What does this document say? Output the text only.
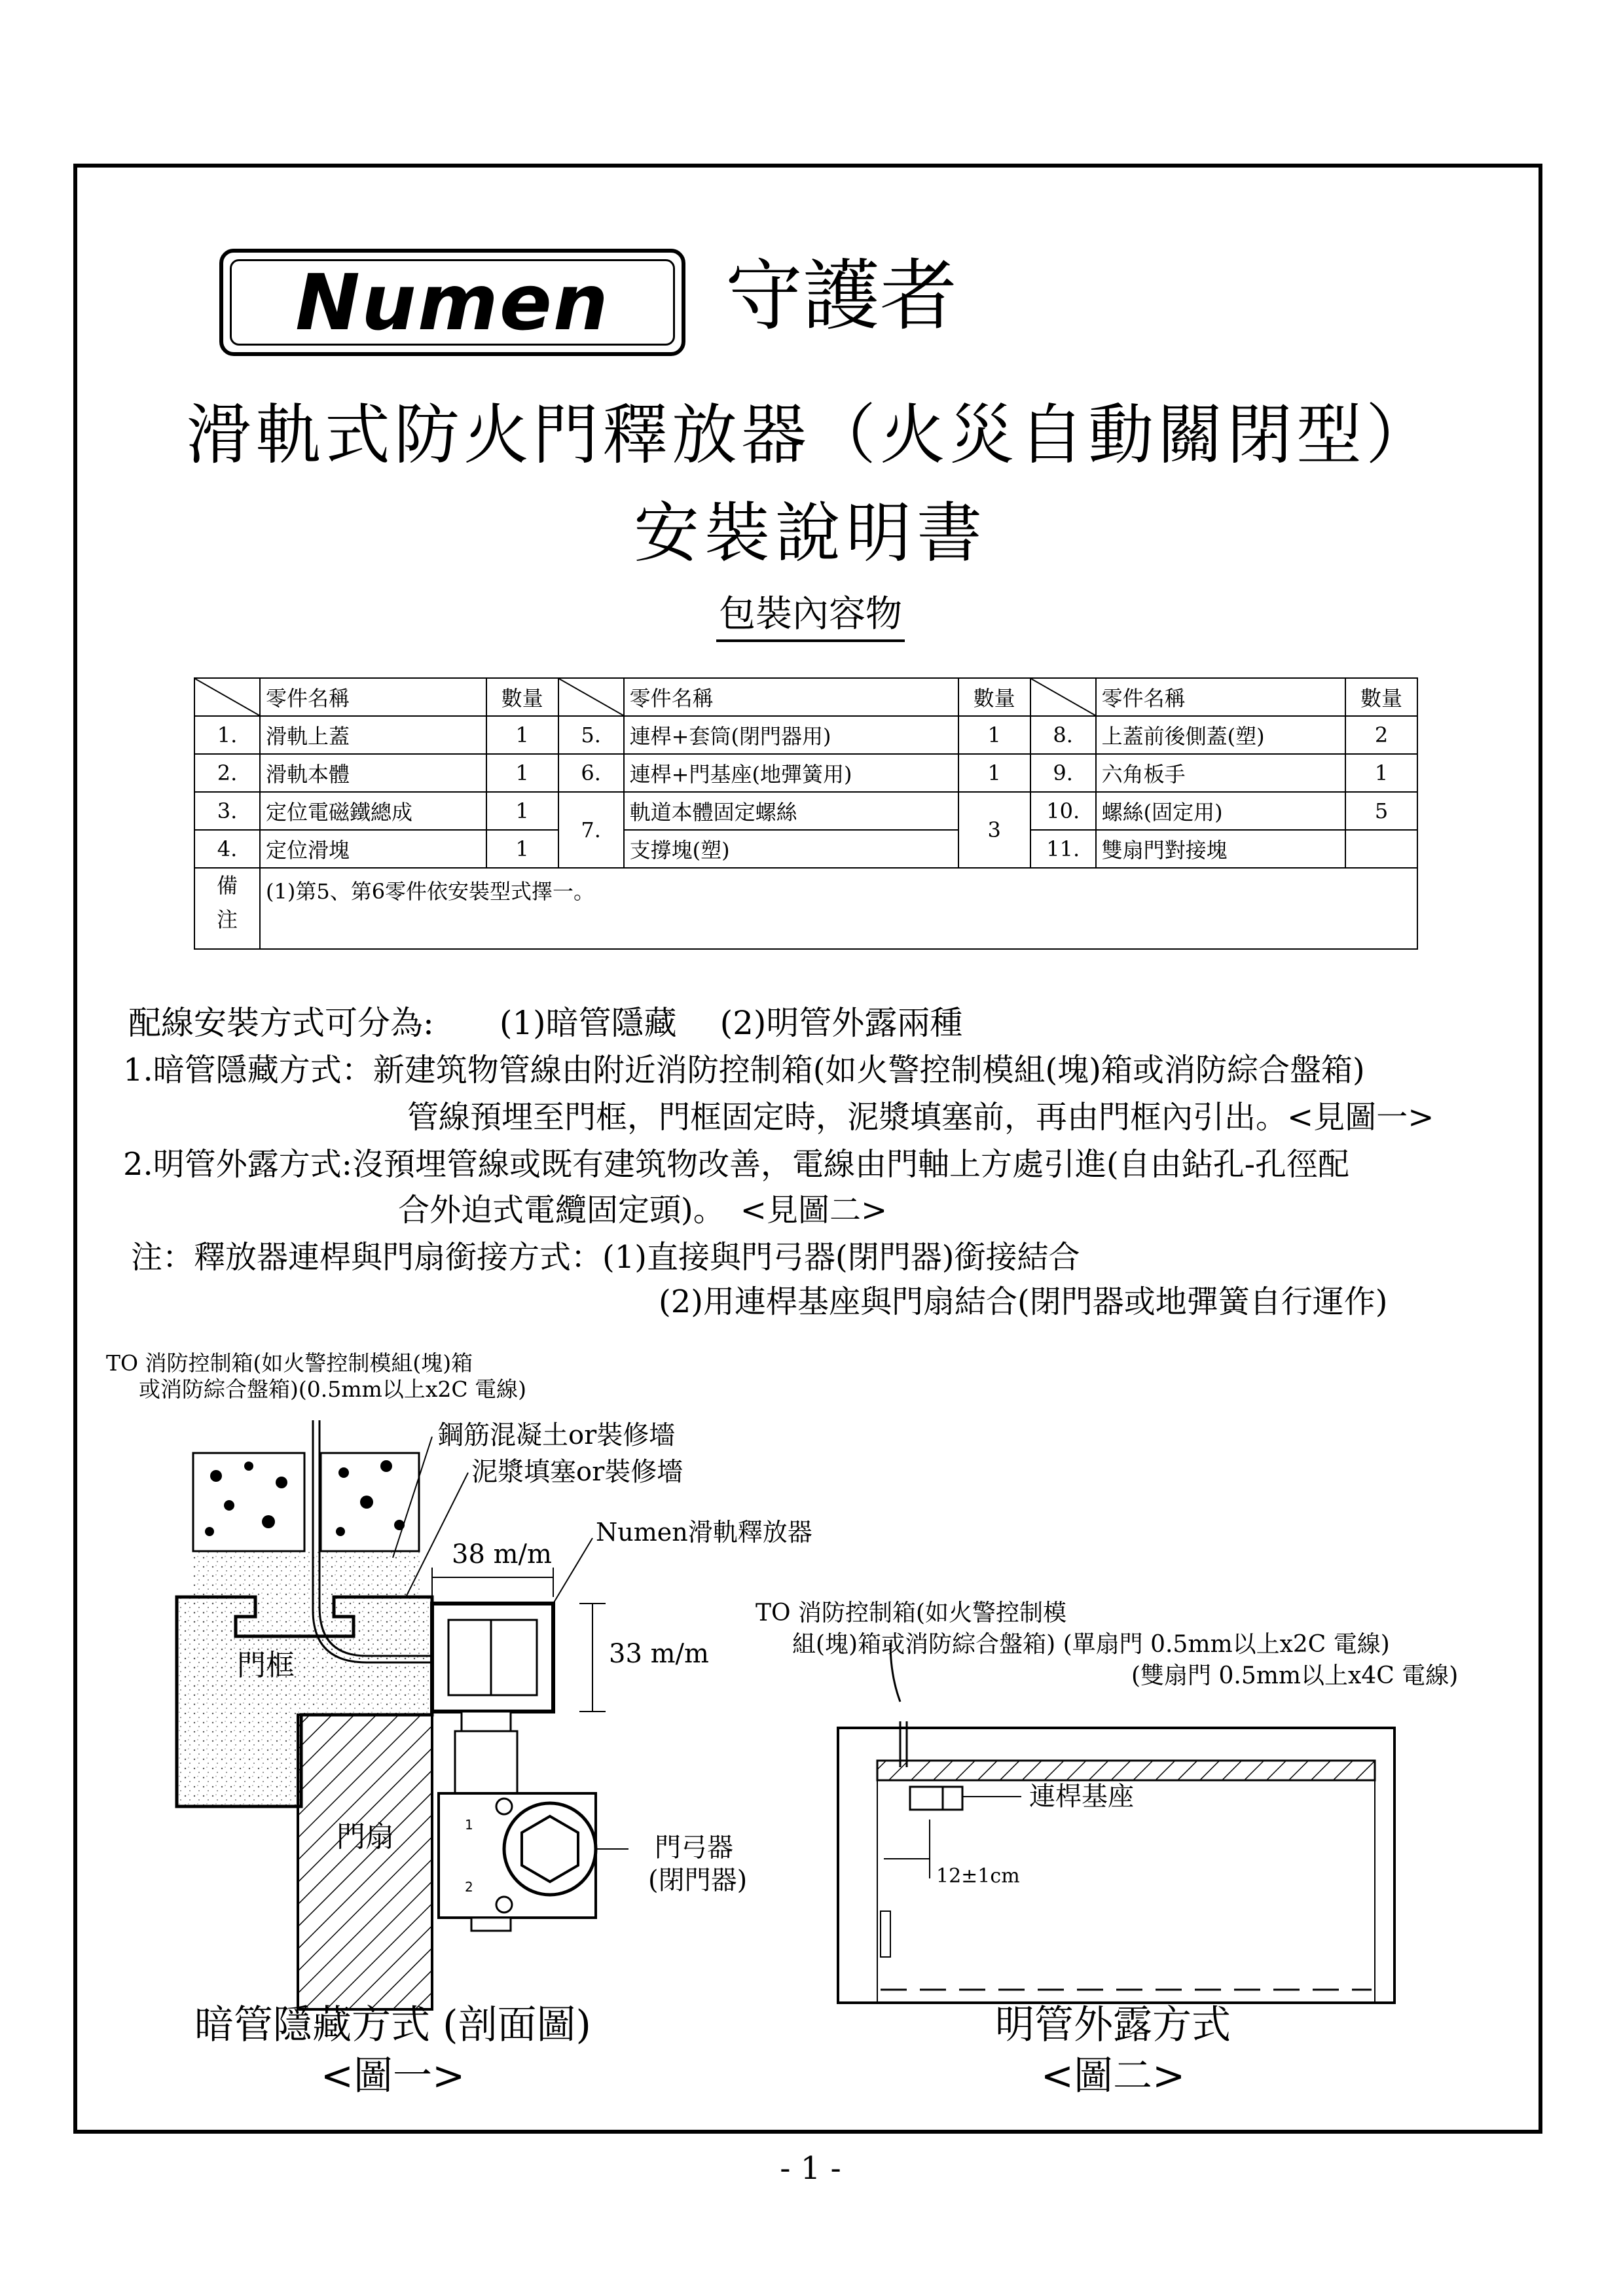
Numen	守護者
滑軌式防火門釋放器（火災自動關閉型）
安裝說明書
包裝內容物
	零件名稱	數量		零件名稱	數量		零件名稱	數量
1.	滑軌上蓋	1	5.	連桿+套筒(閉門器用)	1	8.	上蓋前後側蓋(塑)	2
2.	滑軌本體	1	6.	連桿+門基座(地彈簧用)	1	9.	六角板手	1
3.	定位電磁鐵總成	1	7.	軌道本體固定螺絲	3	10.	螺絲(固定用)	5
4.	定位滑塊	1		支撐塊(塑)		11.	雙扇門對接塊	
備
注	(1)第5、第6零件依安裝型式擇一。							
配線安裝方式可分為:　　(1)暗管隱藏　 (2)明管外露兩種
1.暗管隱藏方式：新建筑物管線由附近消防控制箱(如火警控制模組(塊)箱或消防綜合盤箱)
管線預埋至門框，門框固定時，泥漿填塞前，再由門框內引出。<見圖一>
2.明管外露方式:沒預埋管線或既有建筑物改善，電線由門軸上方處引進(自由鉆孔-孔徑配
合外迫式電纜固定頭)。　<見圖二>
注：釋放器連桿與門扇銜接方式：(1)直接與門弓器(閉門器)銜接結合
(2)用連桿基座與門扇結合(閉門器或地彈簧自行運作)
1
2
TO 消防控制箱(如火警控制模組(塊)箱
或消防綜合盤箱)(0.5mm以上x2C 電線)
鋼筋混凝土or裝修墻
泥漿填塞or裝修墻
Numen滑軌釋放器
38 m/m
33 m/m
門框
門扇	門弓器
(閉門器)
TO 消防控制箱(如火警控制模
組(塊)箱或消防綜合盤箱) (單扇門 0.5mm以上x2C 電線)
(雙扇門 0.5mm以上x4C 電線)
連桿基座
12±1cm
暗管隱藏方式 (剖面圖)
<圖一>
明管外露方式
<圖二>
- 1 -
